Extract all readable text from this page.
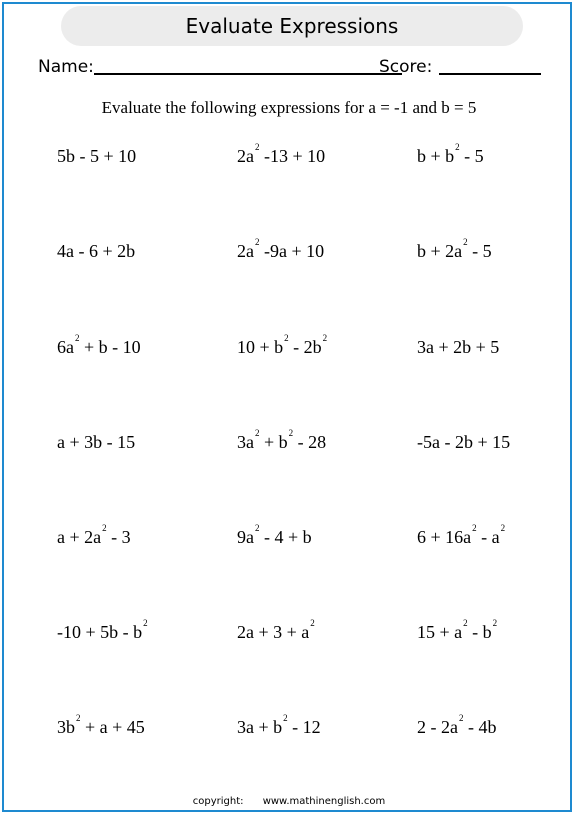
Evaluate Expressions
Name:	Score:
Evaluate the following expressions for a = -1 and b = 5
5b - 5 + 10	$2a^2$ -13 + 10	$b + b^2 - 5$
4a - 6 + 2b	$2a^2$ -9a + 10	$b + 2a^2 - 5$
$6a^2 + b - 10$	$10 + b^2 - 2b^2$	3a + 2b + 5
a + 3b - 15	$3a^2 + b^2 - 28$	-5a - 2b + 15
$a + 2a^2 - 3$	$9a^2 - 4 + b$	$6 + 16a^2 - a^2$
$-10 + 5b - b^2$	$2a + 3 + a^2$	$15 + a^2 - b^2$
$3b^2 + a + 45$	$3a + b^2 - 12$	$2 - 2a^2 - 4b$
copyright: www.mathinenglish.com
